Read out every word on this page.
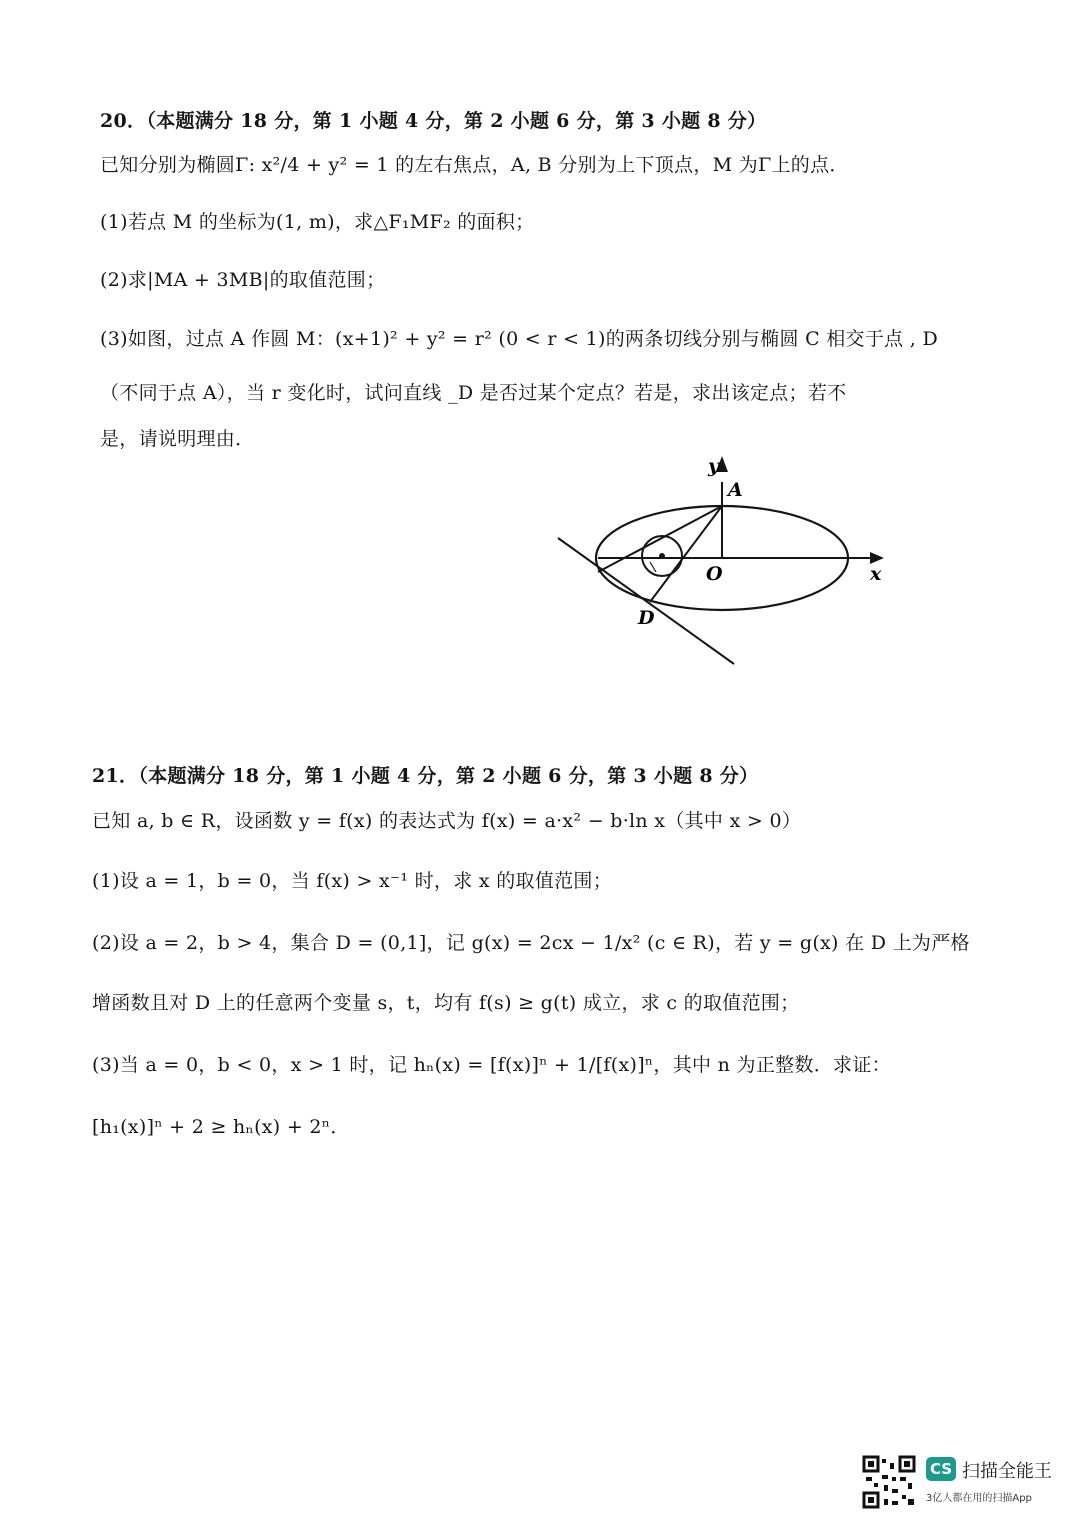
20．（本题满分 18 分，第 1 小题 4 分，第 2 小题 6 分，第 3 小题 8 分）
已知分别为椭圆Γ: x²/4 + y² = 1 的左右焦点，A, B 分别为上下顶点，M 为Γ上的点．
(1)若点 M 的坐标为(1, m)，求△F₁MF₂ 的面积；
(2)求|MA + 3MB|的取值范围；
(3)如图，过点 A 作圆 M：(x+1)² + y² = r² (0 < r < 1)的两条切线分别与椭圆 C 相交于点 , D
（不同于点 A），当 r 变化时，试问直线 _D 是否过某个定点？若是，求出该定点；若不
是，请说明理由．
y
A
O	x
D
21．（本题满分 18 分，第 1 小题 4 分，第 2 小题 6 分，第 3 小题 8 分）
已知 a, b ∈ R，设函数 y = f(x) 的表达式为 f(x) = a·x² − b·ln x（其中 x > 0）
(1)设 a = 1，b = 0，当 f(x) > x⁻¹ 时，求 x 的取值范围；
(2)设 a = 2，b > 4，集合 D = (0,1]，记 g(x) = 2cx − 1/x² (c ∈ R)，若 y = g(x) 在 D 上为严格
增函数且对 D 上的任意两个变量 s，t，均有 f(s) ≥ g(t) 成立，求 c 的取值范围；
(3)当 a = 0，b < 0，x > 1 时，记 hₙ(x) = [f(x)]ⁿ + 1/[f(x)]ⁿ，其中 n 为正整数．求证：
[h₁(x)]ⁿ + 2 ≥ hₙ(x) + 2ⁿ．
CS 扫描全能王
3亿人都在用的扫描App
